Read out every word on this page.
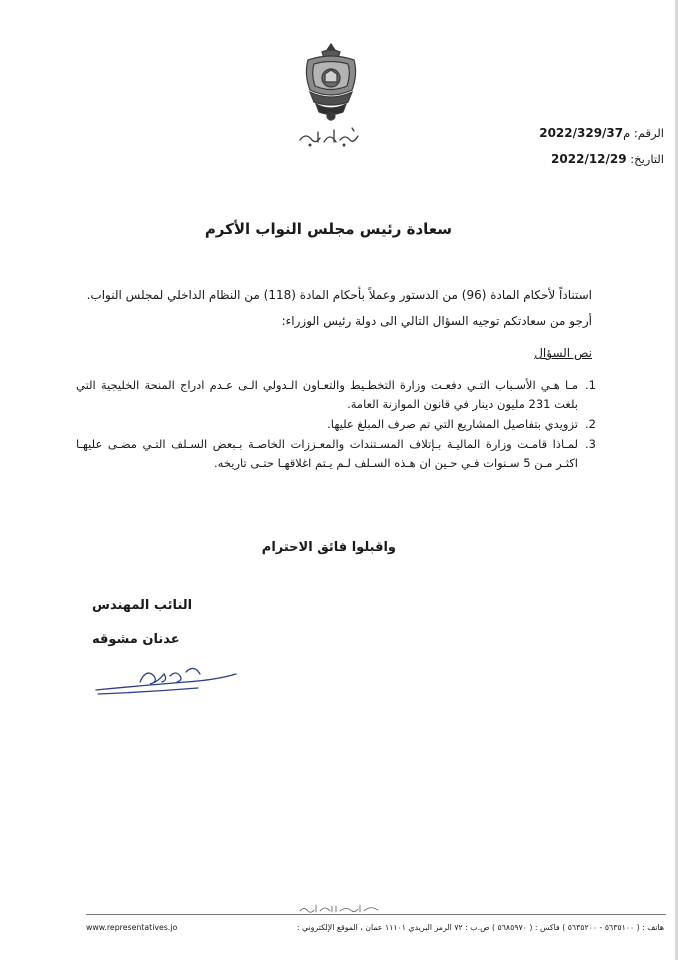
الرقم: م2022/329/37
التاريخ: 2022/12/29
سعادة رئيس مجلس النواب الأكرم
استناداً لأحكام المادة (96) من الدستور وعملاً بأحكام المادة (118) من النظام الداخلي لمجلس النواب.
أرجو من سعادتكم توجيه السؤال التالي الى دولة رئيس الوزراء:
نص السؤال
1.
مـا هـي الأسـباب التـي دفعـت وزارة التخطـيط والتعـاون الـدولي الـى عـدم ادراج المنحة الخليجية التي بلغت 231 مليون دينار في قانون الموازنة العامة.
2.
تزويدي بتفاصيل المشاريع التي تم صرف المبلغ عليها.
3.
لمـاذا قامـت وزارة الماليـة بـإتلاف المسـتندات والمعـززات الخاصـة بـبعض السـلف التـي مضـى عليهـا اكثـر مـن 5 سـنوات فـي حـين ان هـذه السـلف لـم يـتم اغلاقهـا حتـى تاريخه.
واقبلوا فائق الاحترام
النائب المهندس
عدنان مشوقه
هاتف : ( ٥٦٣٥١٠٠ - ٥٦٣٥٢٠٠ ) فاكس : ( ٥٦٨٥٩٧٠ ) ص.ب : ٧٢ الرمز البريدي ١١١٠١ عمان ، الموقع الإلكتروني :
www.representatives.jo
